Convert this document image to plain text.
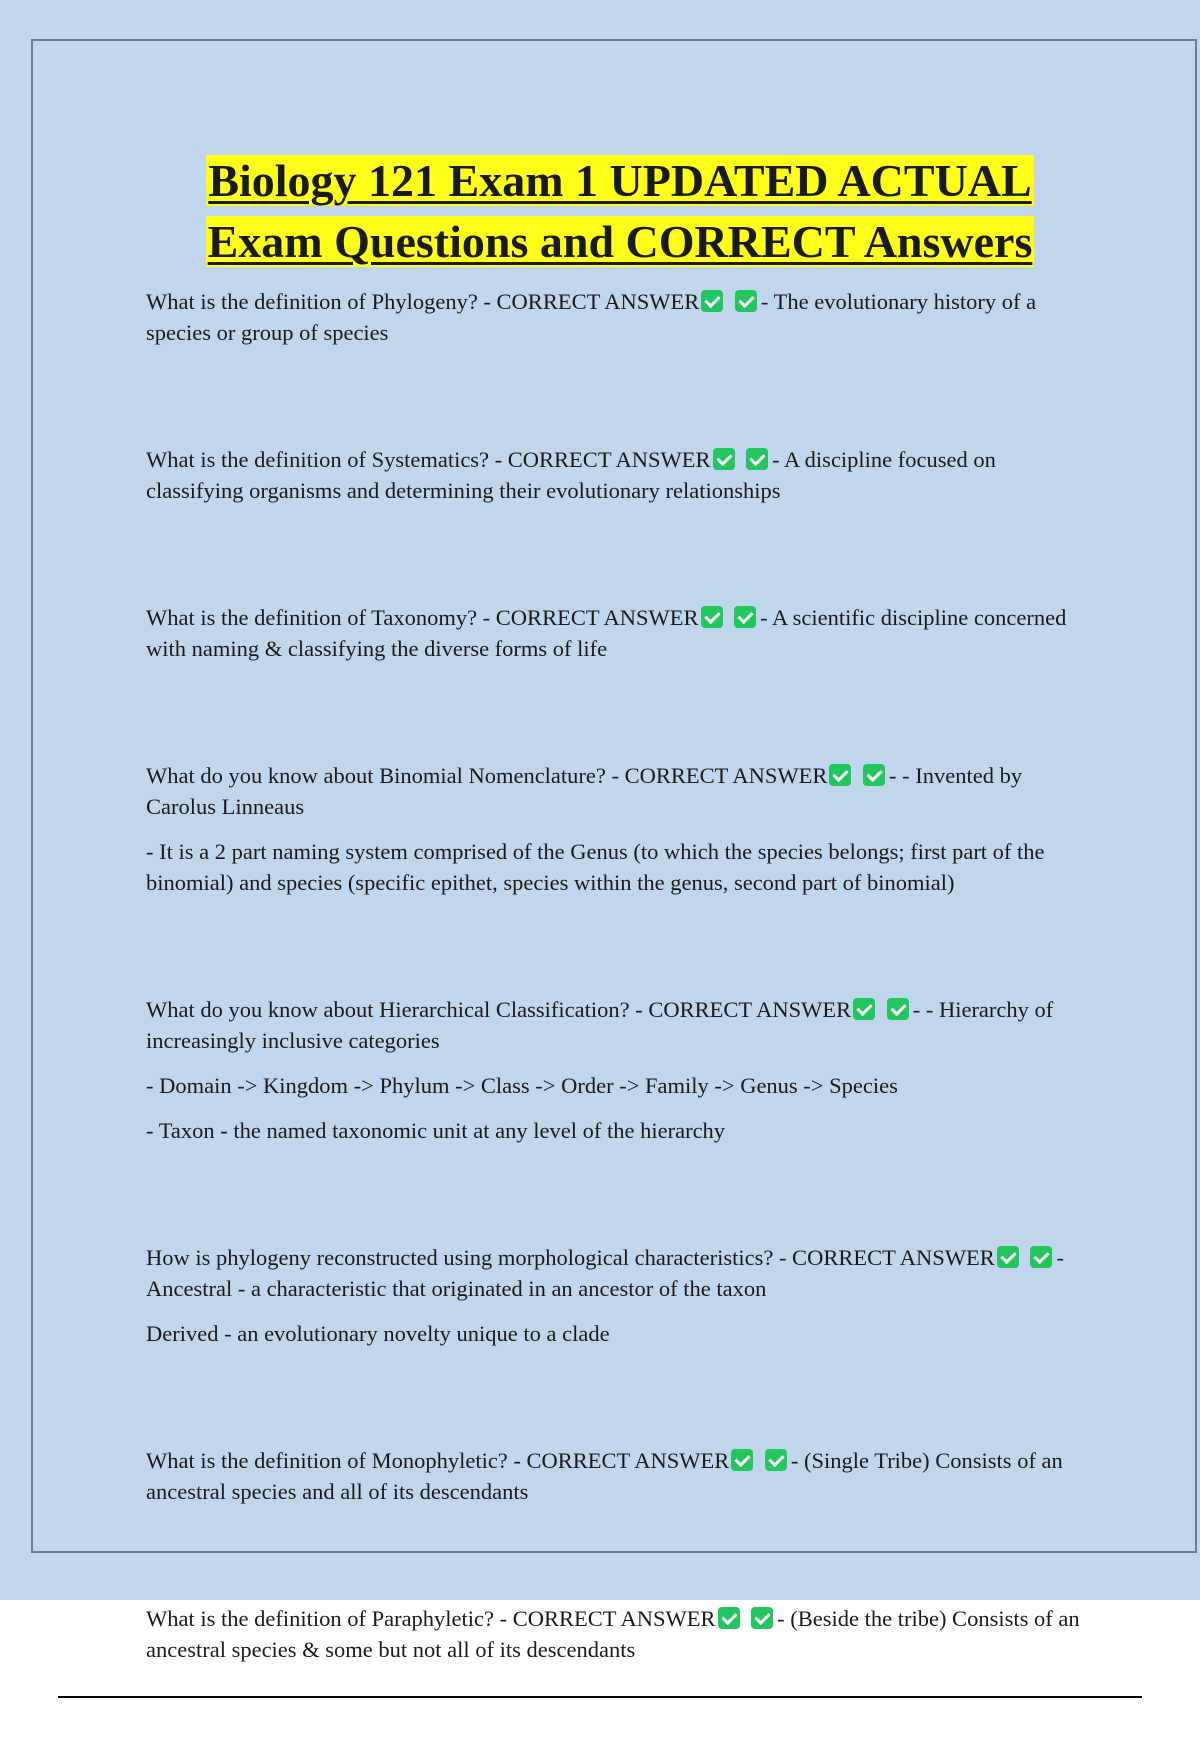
Biology 121 Exam 1 UPDATED ACTUAL
Exam Questions and CORRECT Answers

What is the definition of Phylogeny? - CORRECT ANSWER	- The evolutionary history of a species or group of species

What is the definition of Systematics? - CORRECT ANSWER	- A discipline focused on classifying organisms and determining their evolutionary relationships

What is the definition of Taxonomy? - CORRECT ANSWER	- A scientific discipline concerned with naming & classifying the diverse forms of life

What do you know about Binomial Nomenclature? - CORRECT ANSWER	- - Invented by Carolus Linneaus

- It is a 2 part naming system comprised of the Genus (to which the species belongs; first part of the binomial) and species (specific epithet, species within the genus, second part of binomial)

What do you know about Hierarchical Classification? - CORRECT ANSWER	- - Hierarchy of increasingly inclusive categories

- Domain -> Kingdom -> Phylum -> Class -> Order -> Family -> Genus -> Species

- Taxon - the named taxonomic unit at any level of the hierarchy

How is phylogeny reconstructed using morphological characteristics? - CORRECT ANSWER	- Ancestral - a characteristic that originated in an ancestor of the taxon

Derived - an evolutionary novelty unique to a clade

What is the definition of Monophyletic? - CORRECT ANSWER	- (Single Tribe) Consists of an ancestral species and all of its descendants

What is the definition of Paraphyletic? - CORRECT ANSWER	- (Beside the tribe) Consists of an ancestral species & some but not all of its descendants
